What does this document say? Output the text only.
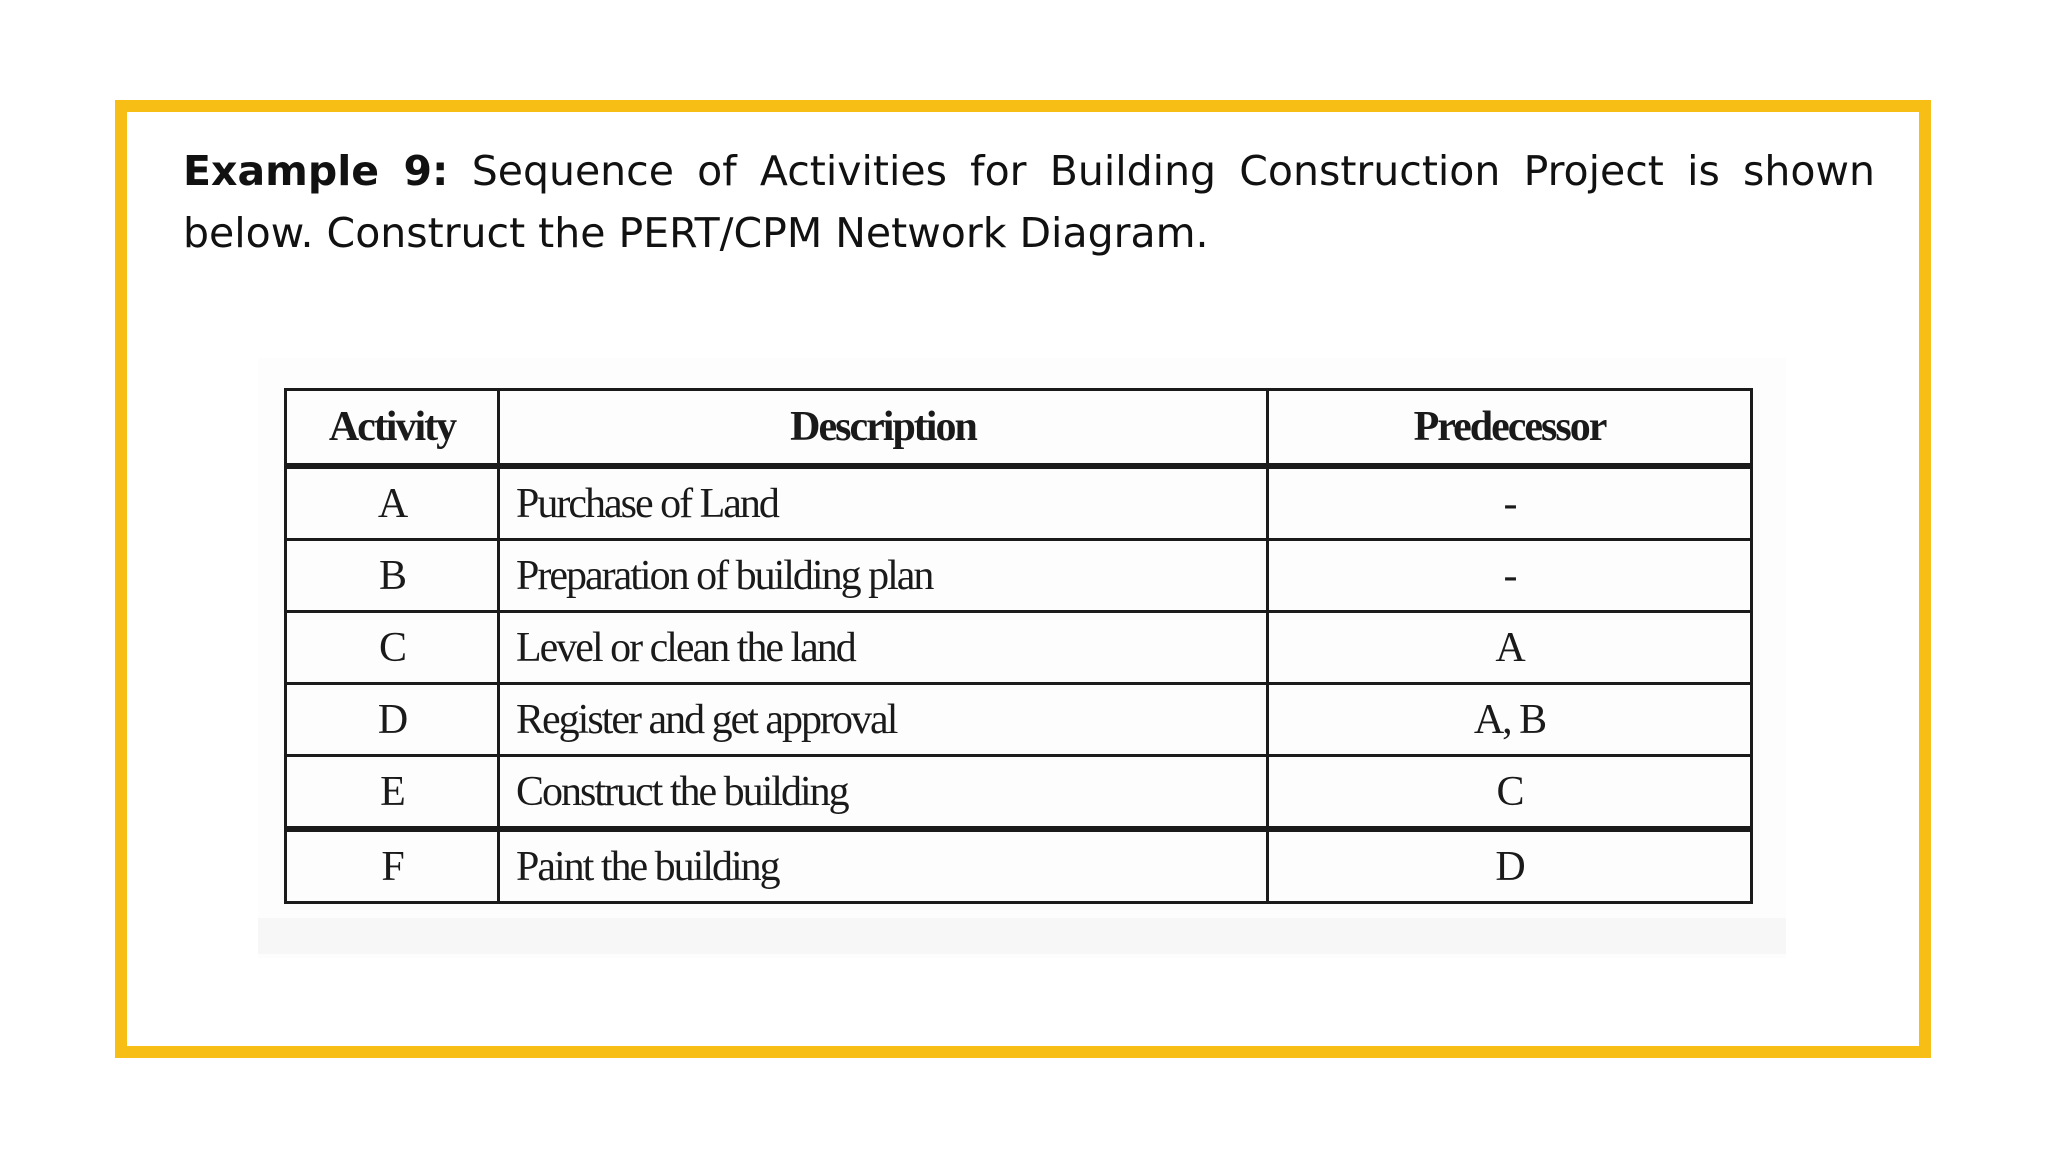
Example 9: Sequence of Activities for Building Construction Project is shown below. Construct the PERT/CPM Network Diagram.

Activity	Description	Predecessor
A	Purchase of Land	-
B	Preparation of building plan	-
C	Level or clean the land	A
D	Register and get approval	A, B
E	Construct the building	C
F	Paint the building	D
